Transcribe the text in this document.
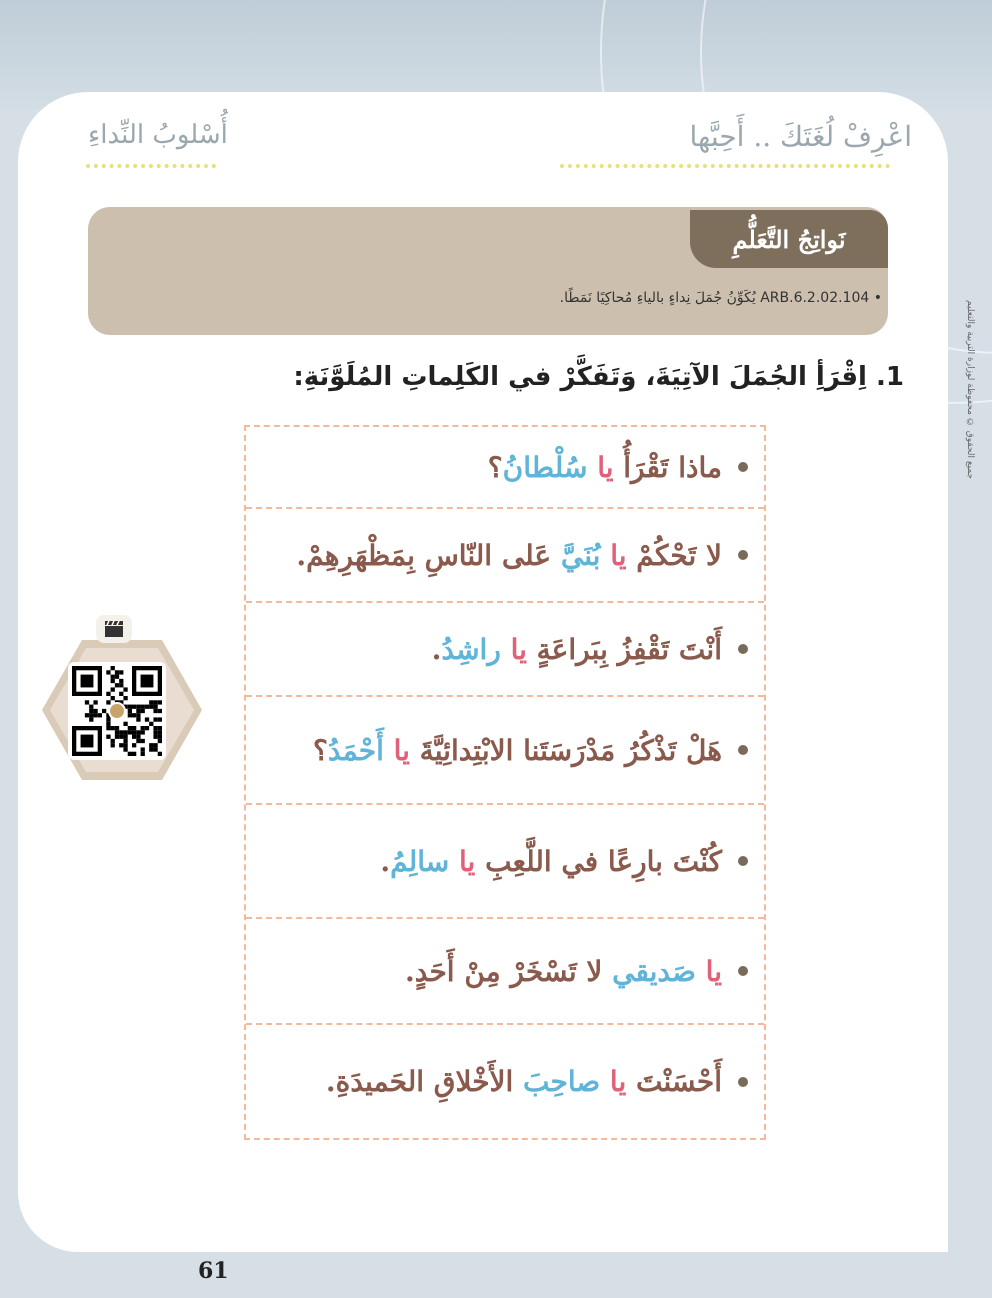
اعْرِفْ لُغَتَكَ .. أَحِبَّها
أُسْلوبُ النِّداءِ
نَواتِجُ التَّعَلُّمِ
• ARB.6.2.02.104 يُكَوِّنُ جُمَلَ نِداءٍ بالياءِ مُحاكِيًا نَمَطًا.
1. اِقْرَأِ الجُمَلَ الآتِيَةَ، وَتَفَكَّرْ في الكَلِماتِ المُلَوَّنَةِ:
ماذا تَقْرَأُ يا سُلْطانُ؟
لا تَحْكُمْ يا بُنَيَّ عَلى النّاسِ بِمَظْهَرِهِمْ.
أَنْتَ تَقْفِزُ بِبَراعَةٍ يا راشِدُ.
هَلْ تَذْكُرُ مَدْرَسَتَنا الابْتِدائِيَّةَ يا أَحْمَدُ؟
كُنْتَ بارِعًا في اللَّعِبِ يا سالِمُ.
يا صَديقي لا تَسْخَرْ مِنْ أَحَدٍ.
أَحْسَنْتَ يا صاحِبَ الأَخْلاقِ الحَميدَةِ.
جميع الحقوق © محفوظة لوزارة التربية والتعليم
61
